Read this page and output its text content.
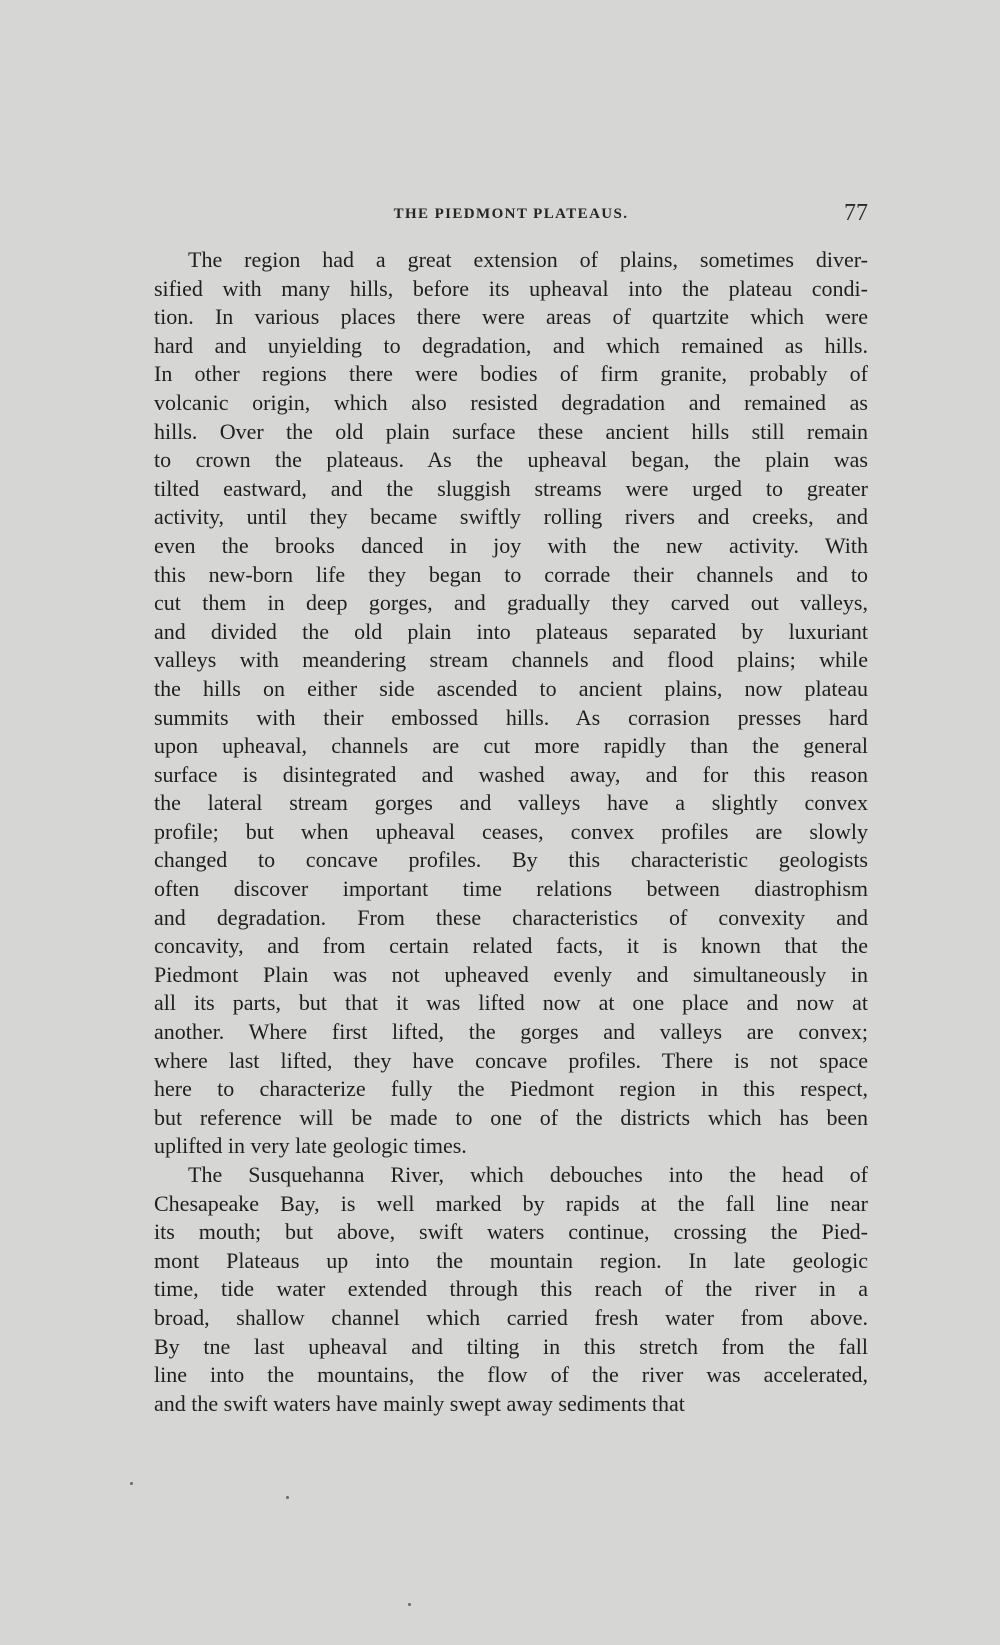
THE PIEDMONT PLATEAUS.	77
The region had a great extension of plains, sometimes diver-
sified with many hills, before its upheaval into the plateau condi-
tion. In various places there were areas of quartzite which were
hard and unyielding to degradation, and which remained as hills.
In other regions there were bodies of firm granite, probably of
volcanic origin, which also resisted degradation and remained as
hills. Over the old plain surface these ancient hills still remain
to crown the plateaus. As the upheaval began, the plain was
tilted eastward, and the sluggish streams were urged to greater
activity, until they became swiftly rolling rivers and creeks, and
even the brooks danced in joy with the new activity. With
this new-born life they began to corrade their channels and to
cut them in deep gorges, and gradually they carved out valleys,
and divided the old plain into plateaus separated by luxuriant
valleys with meandering stream channels and flood plains; while
the hills on either side ascended to ancient plains, now plateau
summits with their embossed hills. As corrasion presses hard
upon upheaval, channels are cut more rapidly than the general
surface is disintegrated and washed away, and for this reason
the lateral stream gorges and valleys have a slightly convex
profile; but when upheaval ceases, convex profiles are slowly
changed to concave profiles. By this characteristic geologists
often discover important time relations between diastrophism
and degradation. From these characteristics of convexity and
concavity, and from certain related facts, it is known that the
Piedmont Plain was not upheaved evenly and simultaneously in
all its parts, but that it was lifted now at one place and now at
another. Where first lifted, the gorges and valleys are convex;
where last lifted, they have concave profiles. There is not space
here to characterize fully the Piedmont region in this respect,
but reference will be made to one of the districts which has been
uplifted in very late geologic times.
The Susquehanna River, which debouches into the head of
Chesapeake Bay, is well marked by rapids at the fall line near
its mouth; but above, swift waters continue, crossing the Pied-
mont Plateaus up into the mountain region. In late geologic
time, tide water extended through this reach of the river in a
broad, shallow channel which carried fresh water from above.
By tne last upheaval and tilting in this stretch from the fall
line into the mountains, the flow of the river was accelerated,
and the swift waters have mainly swept away sediments that
